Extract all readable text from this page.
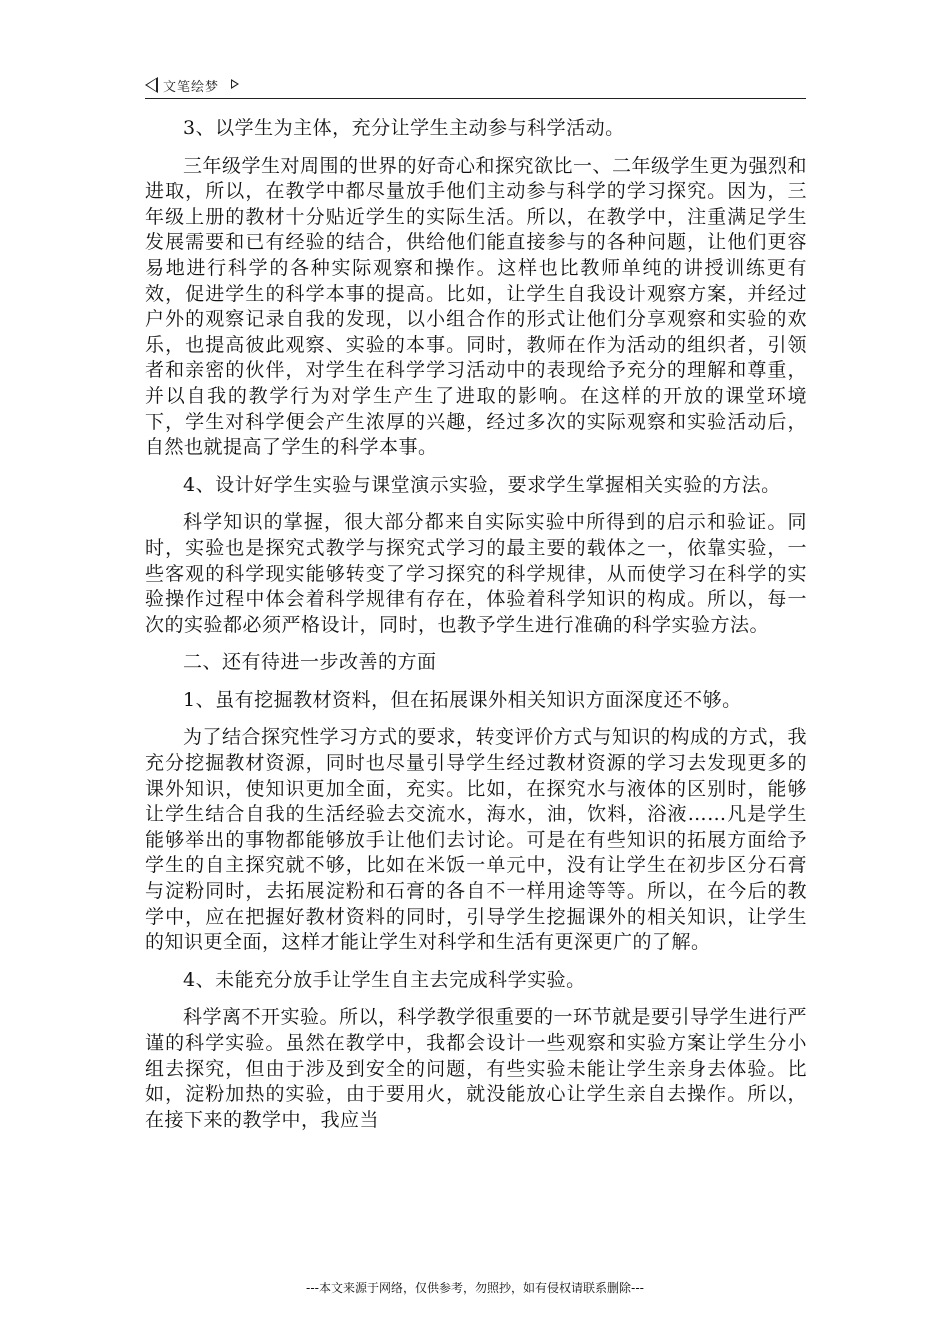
文笔绘梦

3、以学生为主体，充分让学生主动参与科学活动。

三年级学生对周围的世界的好奇心和探究欲比一、二年级学生更为强烈和进取，所以，在教学中都尽量放手他们主动参与科学的学习探究。因为，三年级上册的教材十分贴近学生的实际生活。所以，在教学中，注重满足学生发展需要和已有经验的结合，供给他们能直接参与的各种问题，让他们更容易地进行科学的各种实际观察和操作。这样也比教师单纯的讲授训练更有效，促进学生的科学本事的提高。比如，让学生自我设计观察方案，并经过户外的观察记录自我的发现，以小组合作的形式让他们分享观察和实验的欢乐，也提高彼此观察、实验的本事。同时，教师在作为活动的组织者，引领者和亲密的伙伴，对学生在科学学习活动中的表现给予充分的理解和尊重，并以自我的教学行为对学生产生了进取的影响。在这样的开放的课堂环境下，学生对科学便会产生浓厚的兴趣，经过多次的实际观察和实验活动后，自然也就提高了学生的科学本事。

4、设计好学生实验与课堂演示实验，要求学生掌握相关实验的方法。

科学知识的掌握，很大部分都来自实际实验中所得到的启示和验证。同时，实验也是探究式教学与探究式学习的最主要的载体之一，依靠实验，一些客观的科学现实能够转变了学习探究的科学规律，从而使学习在科学的实验操作过程中体会着科学规律有存在，体验着科学知识的构成。所以，每一次的实验都必须严格设计，同时，也教予学生进行准确的科学实验方法。

二、还有待进一步改善的方面

1、虽有挖掘教材资料，但在拓展课外相关知识方面深度还不够。

为了结合探究性学习方式的要求，转变评价方式与知识的构成的方式，我充分挖掘教材资源，同时也尽量引导学生经过教材资源的学习去发现更多的课外知识，使知识更加全面，充实。比如，在探究水与液体的区别时，能够让学生结合自我的生活经验去交流水，海水，油，饮料，浴液……凡是学生能够举出的事物都能够放手让他们去讨论。可是在有些知识的拓展方面给予学生的自主探究就不够，比如在米饭一单元中，没有让学生在初步区分石膏与淀粉同时，去拓展淀粉和石膏的各自不一样用途等等。所以，在今后的教学中，应在把握好教材资料的同时，引导学生挖掘课外的相关知识，让学生的知识更全面，这样才能让学生对科学和生活有更深更广的了解。

4、未能充分放手让学生自主去完成科学实验。

科学离不开实验。所以，科学教学很重要的一环节就是要引导学生进行严谨的科学实验。虽然在教学中，我都会设计一些观察和实验方案让学生分小组去探究，但由于涉及到安全的问题，有些实验未能让学生亲身去体验。比如，淀粉加热的实验，由于要用火，就没能放心让学生亲自去操作。所以，在接下来的教学中，我应当

---本文来源于网络，仅供参考，勿照抄，如有侵权请联系删除---
